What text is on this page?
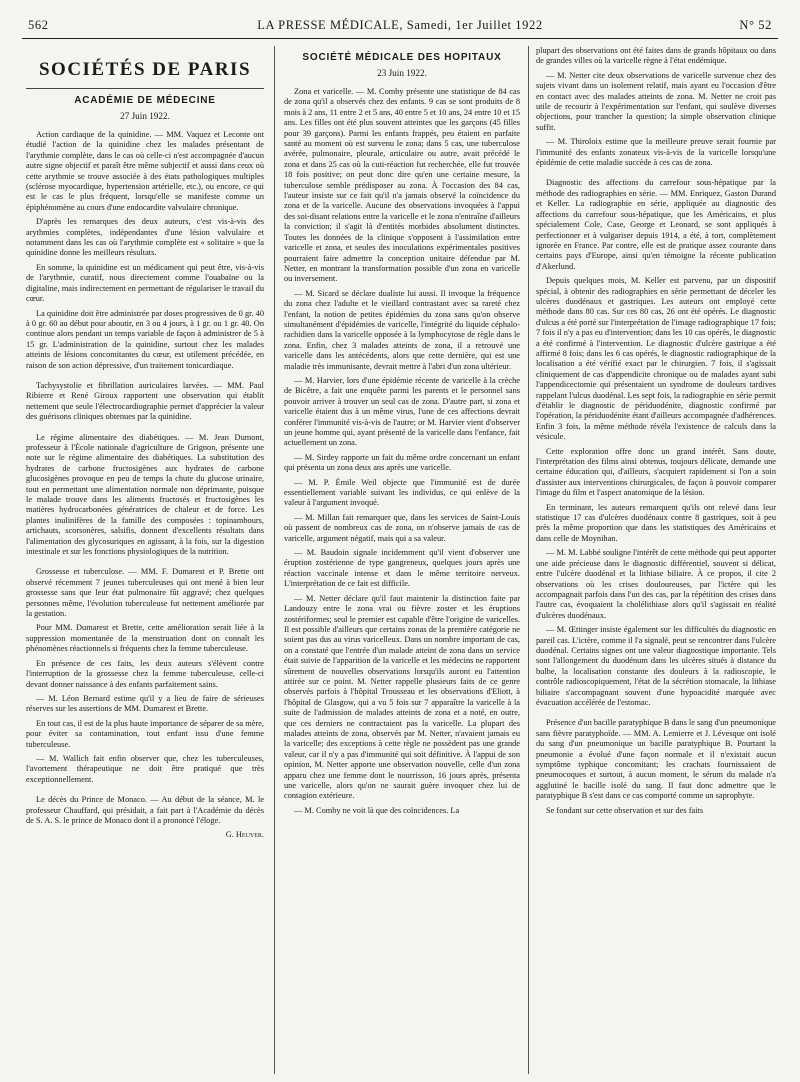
562	LA PRESSE MÉDICALE, Samedi, 1er Juillet 1922	N° 52
SOCIÉTÉS DE PARIS
ACADÉMIE DE MÉDECINE
27 Juin 1922.

Action cardiaque de la quinidine. — MM. Vaquez et Leconte ont étudié l'action de la quinidine chez les malades présentant de l'arythmie complète, dans le cas où celle-ci n'est accompagnée d'aucun autre signe objectif et paraît être même subjectif et aussi dans ceux où cette arythmie se trouve associée à des états pathologiques multiples (sclérose myocardique, hypertension artérielle, etc.), ou encore, ce qui est le cas le plus fréquent, lorsqu'elle se manifeste comme un épiphénomène au cours d'une endocardite valvulaire chronique.

D'après les remarques des deux auteurs, c'est vis-à-vis des arythmies complètes, indépendantes d'une lésion valvulaire et notamment dans les cas où l'arythmie complète est « solitaire » que la quinidine donne les meilleurs résultats.

En somme, la quinidine est un médicament qui peut être, vis-à-vis de l'arythmie, curatif, nous directement comme l'ouabaïne ou la digitaline, mais indirectement en permettant de régulariser le travail du cœur.

La quinidine doit être administrée par doses progressives de 0 gr. 40 à 0 gr. 60 au début pour aboutir, en 3 ou 4 jours, à 1 gr. ou 1 gr. 40. On continue alors pendant un temps variable de façon à administrer de 5 à 15 gr. L'administration de la quinidine, surtout chez les malades atteints de lésions concomitantes du cœur, est utilement précédée, en raison de son action dépressive, d'un traitement tonicardiaque.

Tachysystolie et fibrillation auriculaires larvées. — MM. Paul Ribierre et René Giroux rapportent une observation qui établit nettement que seule l'électrocardiographie permet d'apprécier la valeur des guérisons cliniques obtenues par la quinidine.

Le régime alimentaire des diabétiques. — M. Jean Dumont, professeur à l'École nationale d'agriculture de Grignon, présente une note sur le régime alimentaire des diabétiques. La substitution des hydrates de carbone fructosigènes aux hydrates de carbone glucosigènes provoque en peu de temps la chute du glucose urinaire, tout en permettant une alimentation normale non déprimante, puisque le malade trouve dans les aliments fructosés et fructosigènes les matières hydrocarbonées génératrices de chaleur et de force. Les plantes inulinifères de la famille des composées : topinambours, artichauts, scorsonères, salsifis, donnent d'excellents résultats dans l'alimentation des glycosuriques en agissant, à la fois, sur la digestion intestinale et sur les fonctions physiologiques de la nutrition.

Grossesse et tuberculose. — MM. F. Dumarest et P. Brette ont observé récemment 7 jeunes tuberculeuses qui ont mené à bien leur grossesse sans que leur état pulmonaire fût aggravé; chez quelques personnes même, l'évolution tuberculeuse fut nettement améliorée par la gestation.

Pour MM. Dumarest et Brette, cette amélioration serait liée à la suppression momentanée de la menstruation dont on connaît les phénomènes réactionnels si fréquents chez la femme tuberculeuse.

En présence de ces faits, les deux auteurs s'élèvent contre l'interruption de la grossesse chez la femme tuberculeuse, celle-ci devant donner naissance à des enfants parfaitement sains.

— M. Léon Bernard estime qu'il y a lieu de faire de sérieuses réserves sur les assertions de MM. Dumarest et Brette.

En tout cas, il est de la plus haute importance de séparer de sa mère, pour éviter sa contamination, tout enfant issu d'une femme tuberculeuse.

— M. Wallich fait enfin observer que, chez les tuberculeuses, l'avortement thérapeutique ne doit être pratiqué que très exceptionnellement.

Le décès du Prince de Monaco. — Au début de la séance, M. le professeur Chauffard, qui présidait, a fait part à l'Académie du décès de S. A. S. le prince de Monaco dont il a prononcé l'éloge.

G. Heuyer.
SOCIÉTÉ MÉDICALE DES HOPITAUX
23 Juin 1922.

Zona et varicelle. — M. Comby présente une statistique de 84 cas de zona qu'il a observés chez des enfants. 9 cas se sont produits de 8 mois à 2 ans, 11 entre 2 et 5 ans, 40 entre 5 et 10 ans, 24 entre 10 et 15 ans. Les filles ont été plus souvent atteintes que les garçons (45 filles pour 39 garçons). Parmi les enfants frappés, peu étaient en parfaite santé au moment où est survenu le zona; dans 5 cas, une tuberculose avérée, pulmonaire, pleurale, articulaire ou autre, avait précédé le zona et dans 25 cas où la cuti-réaction fut recherchée, elle fut trouvée 18 fois positive; on peut donc dire qu'en une certaine mesure, la tuberculose semble prédisposer au zona. À l'occasion des 84 cas, l'auteur insiste sur ce fait qu'il n'a jamais observé la coïncidence du zona et de la varicelle. Aucune des observations invoquées à l'appui des soi-disant relations entre la varicelle et le zona n'entraîne d'ailleurs la conviction; il s'agit là d'entités morbides absolument distinctes. Toutes les données de la clinique s'opposent à l'assimilation entre varicelle et zona, et seules des inoculations expérimentales positives pourraient faire admettre la conception unitaire défendue par M. Netter, en montrant la transformation possible d'un zona en varicelle ou inversement.

— M. Sicard se déclare dualiste lui aussi. Il invoque la fréquence du zona chez l'adulte et le vieillard contrastant avec sa rareté chez l'enfant, la notion de petites épidémies du zona sans qu'on observe simultanément d'épidémies de varicelle, l'intégrité du liquide céphalo-rachidien dans la varicelle opposée à la lymphocytose de règle dans le zona. Enfin, chez 3 malades atteints de zona, il a retrouvé une varicelle dans les antécédents, alors que cette dernière, qui est une maladie très immunisante, devrait mettre à l'abri d'un zona ultérieur.

— M. Harvier, lors d'une épidémie récente de varicelle à la crèche de Bicêtre, a fait une enquête parmi les parents et le personnel sans pouvoir arriver à trouver un seul cas de zona. D'autre part, si zona et varicelle étaient dus à un même virus, l'une de ces affections devrait conférer l'immunité vis-à-vis de l'autre; or M. Harvier vient d'observer un jeune homme qui, ayant présenté de la varicelle dans l'enfance, fait actuellement un zona.

— M. Sirdey rapporte un fait du même ordre concernant un enfant qui présenta un zona deux ans après une varicelle.

— M. P. Émile Weil objecte que l'immunité est de durée essentiellement variable suivant les individus, ce qui enlève de la valeur à l'argument invoqué.

— M. Millan fait remarquer que, dans les services de Saint-Louis où passent de nombreux cas de zona, on n'observe jamais de cas de varicelle, argument négatif, mais qui a sa valeur.

— M. Baudoin signale incidemment qu'il vient d'observer une éruption zostérienne de type gangreneux, quelques jours après une réaction vaccinale intense et dans le même territoire nerveux. L'interprétation de ce fait est difficile.

— M. Netter déclare qu'il faut maintenir la distinction faite par Landouzy entre le zona vrai ou fièvre zoster et les éruptions zostériformes; seul le premier est capable d'être l'origine de varicelles. Il est possible d'ailleurs que certains zonas de la première catégorie ne soient pas dus au virus varicelleux. Dans un nombre important de cas, on a constaté que l'entrée d'un malade atteint de zona dans un service était suivie de l'apparition de la varicelle et les médecins ne rapportent sûrement de nouvelles observations lorsqu'ils auront eu l'attention attirée sur ce point. M. Netter rappelle plusieurs faits de ce genre observés parfois à l'hôpital Trousseau et les observations d'Eliott, à l'hôpital de Glasgow, qui a vu 5 fois sur 7 apparaître la varicelle à la suite de l'admission de malades atteints de zona et a noté, en outre, que ces derniers ne contractaient pas la varicelle. La plupart des malades atteints de zona, observés par M. Netter, n'avaient jamais eu la varicelle; des exceptions à cette règle ne possèdent pas une grande valeur, car il n'y a pas d'immunité qui soit définitive. À l'appui de son opinion, M. Netter apporte une observation nouvelle, celle d'un zona apparu chez une femme dont le nourrisson, 16 jours après, présenta une varicelle, alors qu'on ne saurait guère invoquer chez lui de contagion extérieure.

— M. Comby ne voit là que des coïncidences. La

plupart des observations ont été faites dans de grands hôpitaux ou dans de grandes villes où la varicelle règne à l'état endémique.

— M. Netter cite deux observations de varicelle survenue chez des sujets vivant dans un isolement relatif, mais ayant eu l'occasion d'être en contact avec des malades atteints de zona. M. Netter ne croit pas utile de recourir à l'expérimentation sur l'enfant, qui soulève diverses objections, pour trancher la question; la simple observation clinique suffit.

— M. Thiroloix estime que la meilleure preuve serait fournie par l'immunité des enfants zonateux vis-à-vis de la varicelle lorsqu'une épidémie de cette maladie succède à ces cas de zona.

Diagnostic des affections du carrefour sous-hépatique par la méthode des radiographies en série. — MM. Enriquez, Gaston Durand et Keller. La radiographie en série, appliquée au diagnostic des affections du carrefour sous-hépatique, que les Américains, et plus spécialement Cole, Case, George et Leonard, se sont appliqués à perfectionner et à vulgariser depuis 1914, a été, à tort, complètement ignorée en France. Par contre, elle est de pratique assez courante dans certains pays d'Europe, ainsi qu'en témoigne la récente publication d'Akerlund.

Depuis quelques mois, M. Keller est parvenu, par un dispositif spécial, à obtenir des radiographies en série permettant de déceler les ulcères duodénaux et gastriques. Les auteurs ont employé cette méthode dans 80 cas. Sur ces 80 cas, 26 ont été opérés. Le diagnostic d'ulcus a été porté sur l'interprétation de l'image radiographique 17 fois; 7 fois il n'y a pas eu d'intervention; dans les 10 cas opérés, le diagnostic a été confirmé à l'intervention. Le diagnostic d'ulcère gastrique a été affirmé 8 fois; dans les 6 cas opérés, le diagnostic radiographique de la localisation a été vérifié exact par le chirurgien. 7 fois, il s'agissait cliniquement de cas d'appendicite chronique ou de malades ayant subi l'appendicectomie qui présentaient un syndrome de douleurs tardives rappelant l'ulcus duodénal. Les sept fois, la radiographie en série permit d'établir le diagnostic de périduodénite, diagnostic confirmé par l'opération, la périduodénite étant d'ailleurs accompagnée d'adhérences. Enfin 3 fois, la même méthode révéla l'existence de calculs dans la vésicule.

Cette exploration offre donc un grand intérêt. Sans doute, l'interprétation des films ainsi obtenus, toujours délicate, demande une certaine éducation qui, d'ailleurs, s'acquiert rapidement si l'on a soin d'assister aux interventions chirurgicales, de façon à pouvoir comparer l'image du film et l'aspect anatomique de la lésion.

En terminant, les auteurs remarquent qu'ils ont relevé dans leur statistique 17 cas d'ulcères duodénaux contre 8 gastriques, soit à peu près la même proportion que dans les statistiques des Américains et dans celle de Moynihan.

— M. M. Labbé souligne l'intérêt de cette méthode qui peut apporter une aide précieuse dans le diagnostic différentiel, souvent si délicat, entre l'ulcère duodénal et la lithiase biliaire. À ce propos, il cite 2 observations où les crises douloureuses, par l'ictère qui les accompagnait parfois dans l'un des cas, par la répétition des crises dans l'autre cas, évoquaient la cholélithiase alors qu'il s'agissait en réalité d'ulcères duodénaux.

— M. Œttinger insiste également sur les difficultés du diagnostic en pareil cas. L'ictère, comme il l'a signalé, peut se rencontrer dans l'ulcère duodénal. Certains signes ont une valeur diagnostique importante. Tels sont l'allongement du duodénum dans les ulcères situés à distance du bulbe, la localisation constante des douleurs à la radioscopie, le contrôle radioscopiquement, l'état de la sécrétion stomacale, la lithiase biliaire s'accompagnant souvent d'une hypoacidité marquée avec évacuation accélérée de l'estomac.

Présence d'un bacille paratyphique B dans le sang d'un pneumonique sans fièvre paratyphoïde. — MM. A. Lemierre et J. Lévesque ont isolé du sang d'un pneumonique un bacille paratyphique B. Pourtant la pneumonie a évolué d'une façon normale et il n'existait aucun symptôme typhique concomitant; les crachats fournissaient de pneumocoques et surtout, à aucun moment, le sérum du malade n'a agglutiné le bacille isolé du sang. Il faut donc admettre que le paratyphique B s'est dans ce cas comporté comme un saprophyte.

Se fondant sur cette observation et sur des faits
